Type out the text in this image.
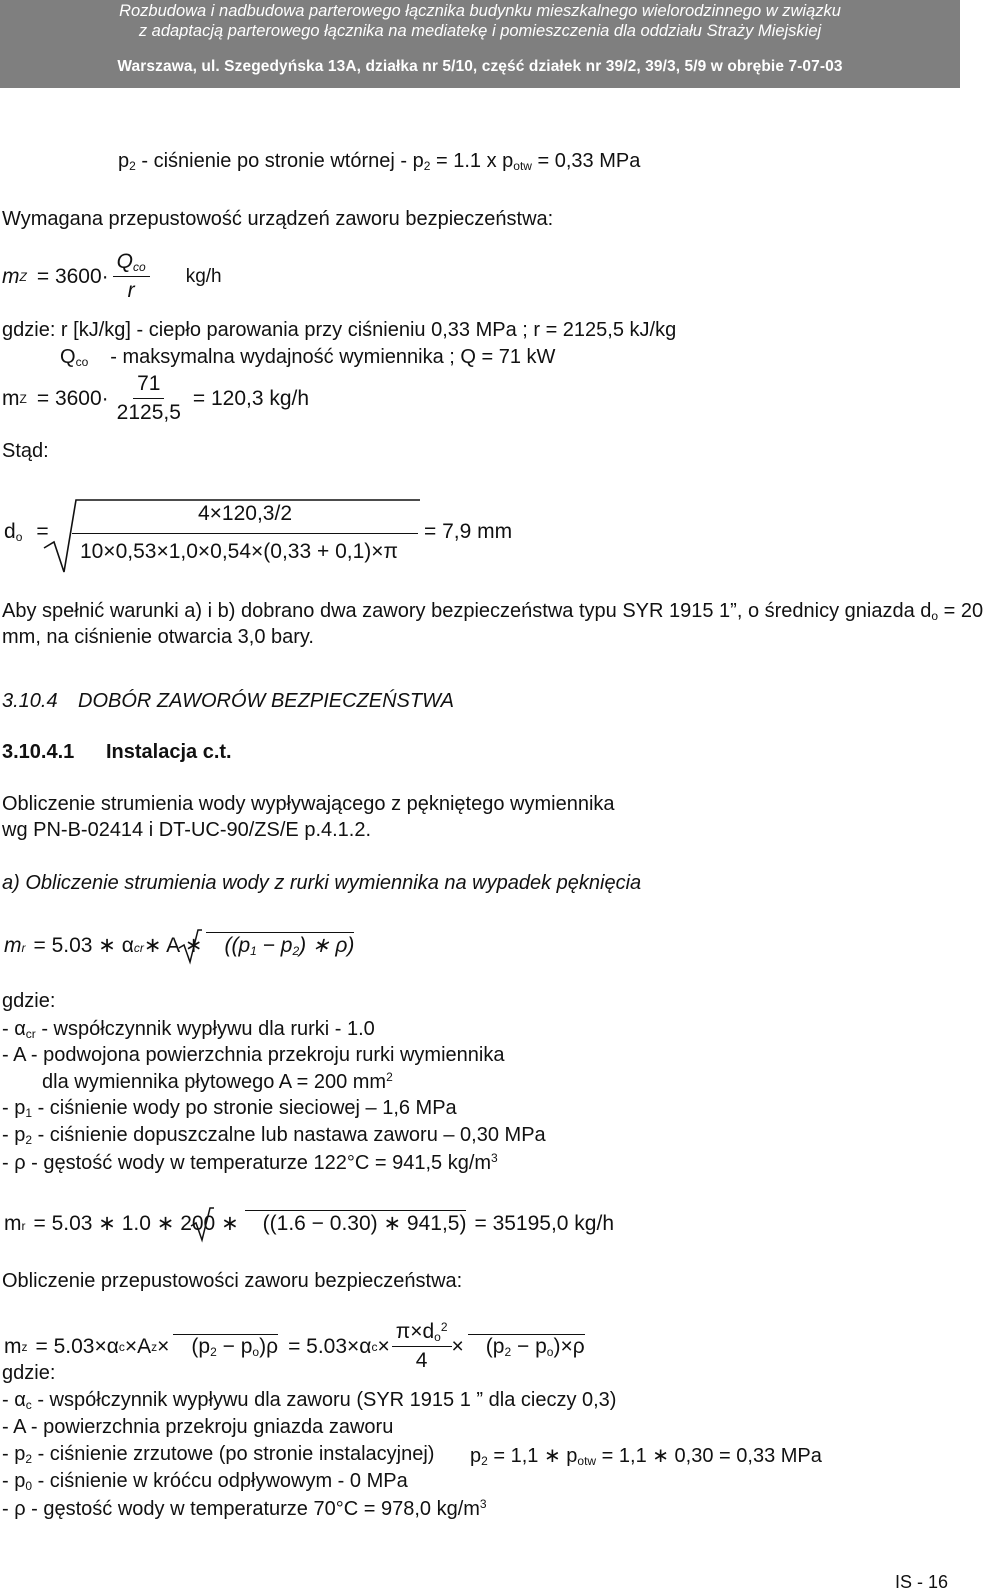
Rozbudowa i nadbudowa parterowego łącznika budynku mieszkalnego wielorodzinnego w związku
z adaptacją parterowego łącznika na mediatekę i pomieszczenia dla oddziału Straży Miejskiej
Warszawa, ul. Szegedyńska 13A, działka nr 5/10, część działek nr 39/2, 39/3, 5/9 w obrębie 7-07-03
$p_2$ - ciśnienie po stronie wtórnej - $p_2 = 1.1$ x $p_{otw} = 0,33$ MPa
Wymagana przepustowość urządzeń zaworu bezpieczeństwa:
m $Z = 3600\cdot \frac{Q_{co}}{r} kg/h$
gdzie: r [kJ/kg] - ciepło parowania przy ciśnieniu 0,33 MPa ; r = 2125,5 kJ/kg
$Q_{co}$ - maksymalna wydajność wymiennika ; Q = 71 kW
m $Z = 3600\cdot \frac{71}{2125,5} = 120,3$ kg/h
Stąd:
$d_o$ =
4×120,3/2
10×0,53×1,0×0,54×(0,33 + 0,1)×π
= 7,9 mm
Aby spełnić warunki a) i b) dobrano dwa zawory bezpieczeństwa typu SYR 1915 1”, o średnicy gniazda $d_o = 20$
mm, na ciśnienie otwarcia 3,0 bary.
3.10.4 DOBÓR ZAWORÓW BEZPIECZEŃSTWA
3.10.4.1 Instalacja c.t.
Obliczenie strumienia wody wypływającego z pękniętego wymiennika
wg PN-B-02414 i DT-UC-90/ZS/E p.4.1.2.
a) Obliczenie strumienia wody z rurki wymiennika na wypadek pęknięcia
m r = 5.03 ∗ α cr ∗ A ∗	($(p_1 - p_2)$ ∗ ρ)
gdzie:
- $\alpha_{cr}$ - współczynnik wypływu dla rurki - 1.0
- A - podwojona powierzchnia przekroju rurki wymiennika
dla wymiennika płytowego A = 200 $mm^2$
- $p_1$ - ciśnienie wody po stronie sieciowej – 1,6 MPa
- $p_2$ - ciśnienie dopuszczalne lub nastawa zaworu – 0,30 MPa
- ρ - gęstość wody w temperaturze 122°C = 941,5 $kg/m^3$
m r = 5.03 ∗ 1.0 ∗ 200 ∗	((1.6 − 0.30) ∗ 941,5) = 35195,0 kg/h
Obliczenie przepustowości zaworu bezpieczeństwa:
m z = 5.03×α c ×A z ×	$(p_2 - p_o)\rho = 5.03\times\alpha$ $c \times \frac{\pi\times d_o^2}{4}$ ×	$(p_2 - p_o)\times\rho$
gdzie:
- $\alpha_c$ - współczynnik wypływu dla zaworu (SYR 1915 1 ” dla cieczy 0,3)
- A - powierzchnia przekroju gniazda zaworu
- $p_2$ - ciśnienie zrzutowe (po stronie instalacyjnej) $p_2 = 1,1$ ∗ $p_{otw} = 1,1$ ∗ 0,30 = 0,33 MPa
- $p_0$ - ciśnienie w króćcu odpływowym - 0 MPa
- ρ - gęstość wody w temperaturze 70°C = 978,0 $kg/m^3$
IS - 16
